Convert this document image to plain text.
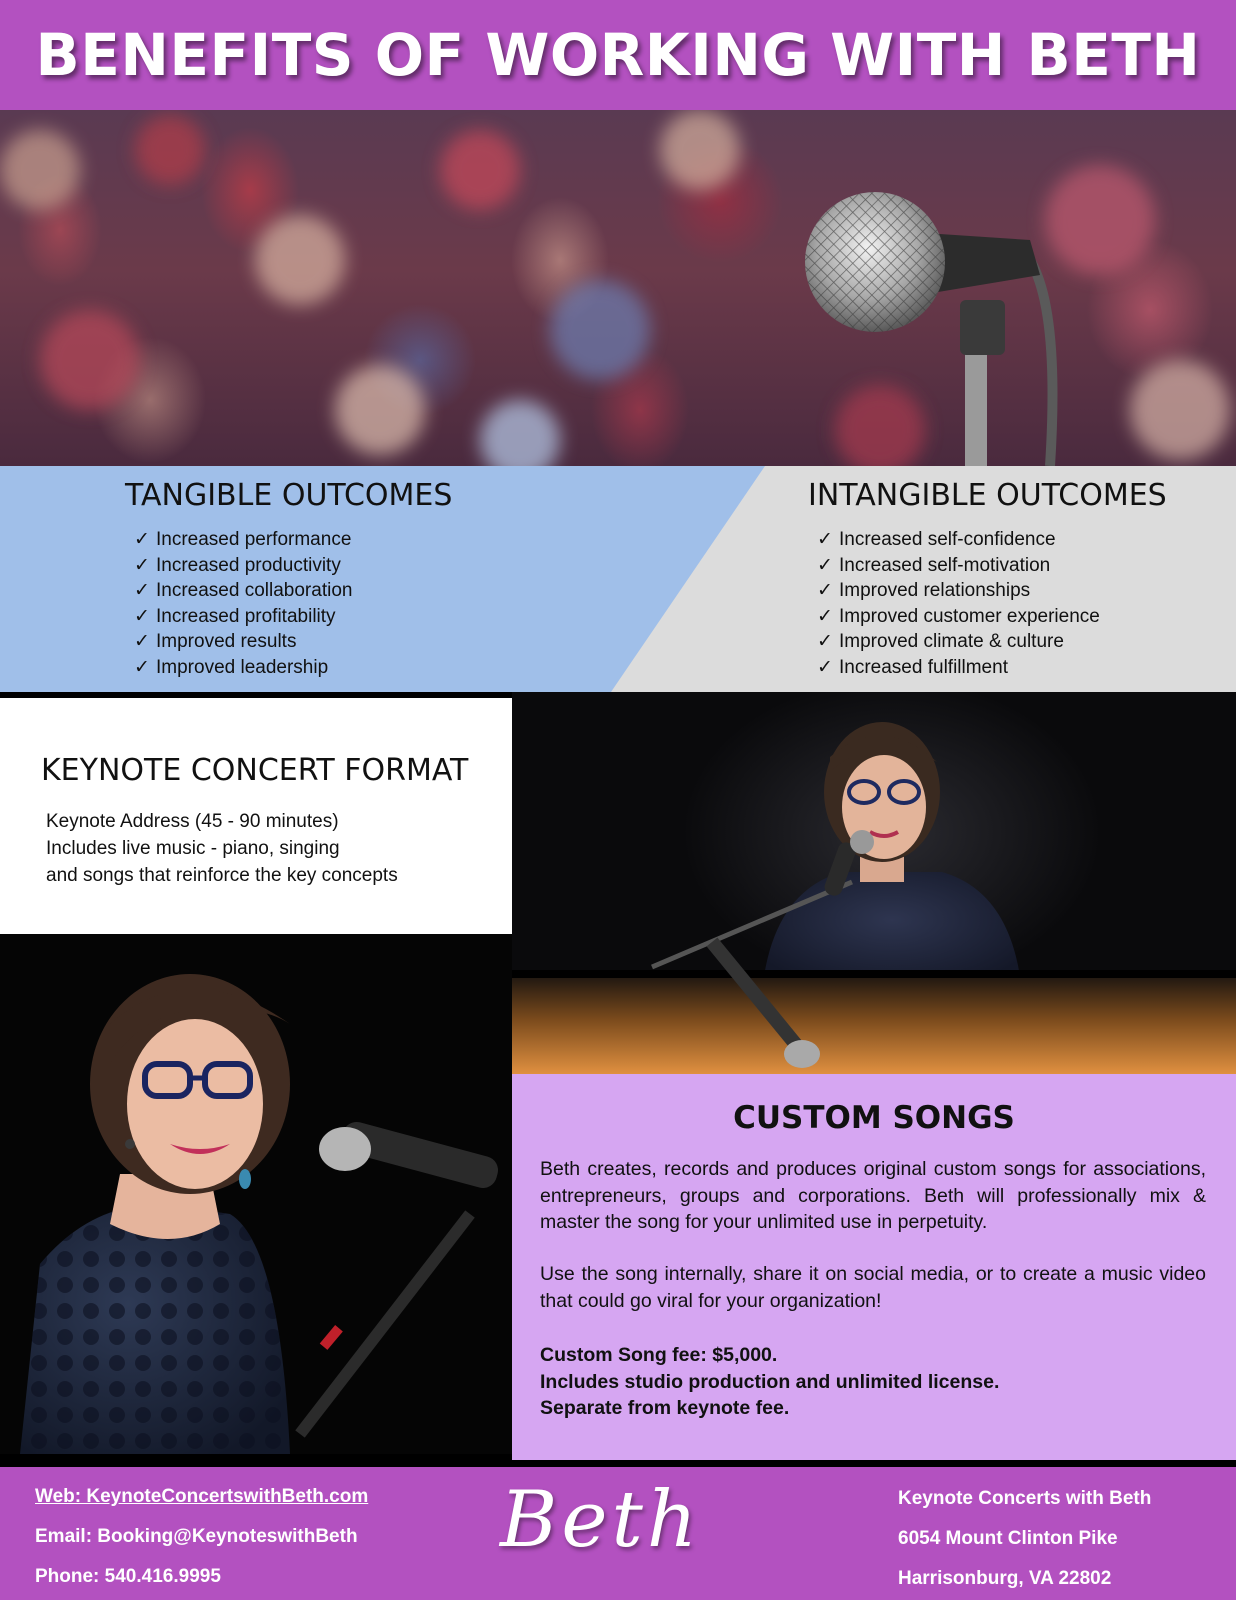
BENEFITS OF WORKING WITH BETH
TANGIBLE OUTCOMES
✓ Increased performance
✓ Increased productivity
✓ Increased collaboration
✓ Increased profitability
✓ Improved results
✓ Improved leadership
INTANGIBLE OUTCOMES
✓ Increased self-confidence
✓ Increased self-motivation
✓ Improved relationships
✓ Improved customer experience
✓ Improved climate & culture
✓ Increased fulfillment
KEYNOTE CONCERT FORMAT
Keynote Address (45 - 90 minutes)
Includes live music - piano, singing
and songs that reinforce the key concepts
CUSTOM SONGS

Beth creates, records and produces original custom songs for associations, entrepreneurs, groups and corporations. Beth will professionally mix & master the song for your unlimited use in perpetuity.

Use the song internally, share it on social media, or to create a music video that could go viral for your organization!

Custom Song fee: $5,000.
Includes studio production and unlimited license.
Separate from keynote fee.
Web: KeynoteConcertswithBeth.com
Email: Booking@KeynoteswithBeth
Phone: 540.416.9995
Beth	Keynote Concerts with Beth
6054 Mount Clinton Pike
Harrisonburg, VA 22802
